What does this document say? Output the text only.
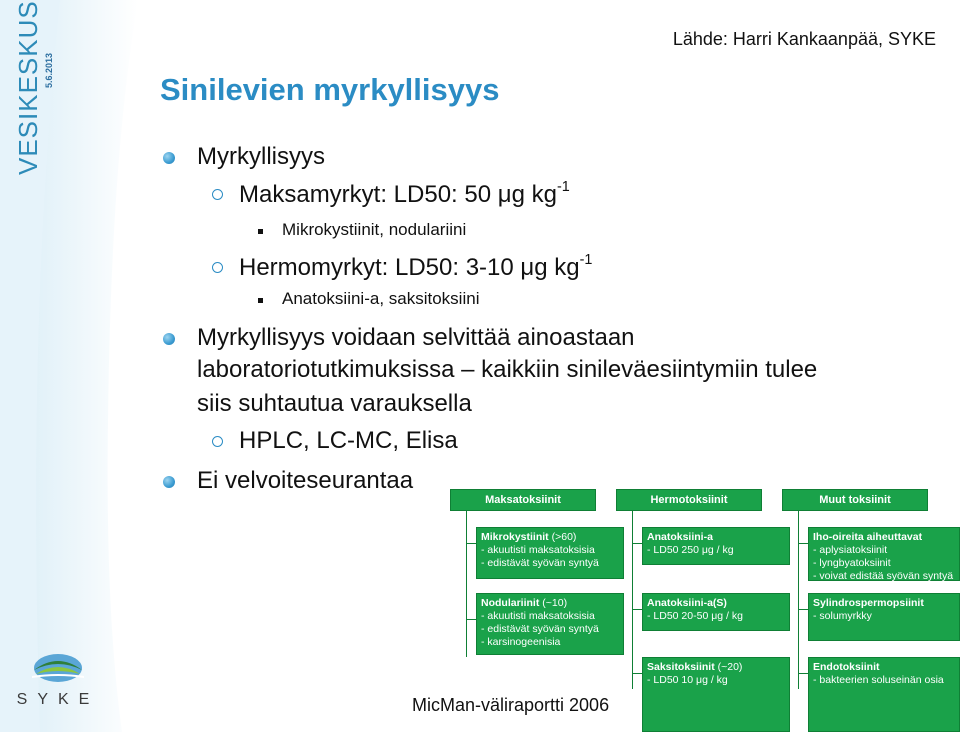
VESIKESKUS 5.6.2013
SYKE
Lähde: Harri Kankaanpää, SYKE
Sinilevien myrkyllisyys
Myrkyllisyys
Maksamyrkyt: LD50: 50 μg $kg^{-1}$
Mikrokystiinit, nodulariini
Hermomyrkyt: LD50: 3-10 μg $kg^{-1}$
Anatoksiini-a, saksitoksiini
Myrkyllisyys voidaan selvittää ainoastaan
laboratoriotutkimuksissa – kaikkiin sinileväesiintymiin tulee
siis suhtautua varauksella
HPLC, LC-MC, Elisa
Ei velvoiteseurantaa
Maksatoksiinit	Hermotoksiinit	Muut toksiinit
Mikrokystiinit (>60)
- akuutisti maksatoksisia
- edistävät syövän syntyä
Nodulariinit (~10)
- akuutisti maksatoksisia
- edistävät syövän syntyä
- karsinogeenisia
Anatoksiini-a
- LD50 250 μg / kg
Anatoksiini-a(S)
- LD50 20-50 μg / kg
Saksitoksiinit (~20)
- LD50 10 μg / kg
Iho-oireita aiheuttavat
- aplysiatoksiinit
- lyngbyatoksiinit
- voivat edistää syövän syntyä
Sylindrospermopsiinit
- solumyrkky
Endotoksiinit
- bakteerien soluseinän osia
MicMan-väliraportti 2006
